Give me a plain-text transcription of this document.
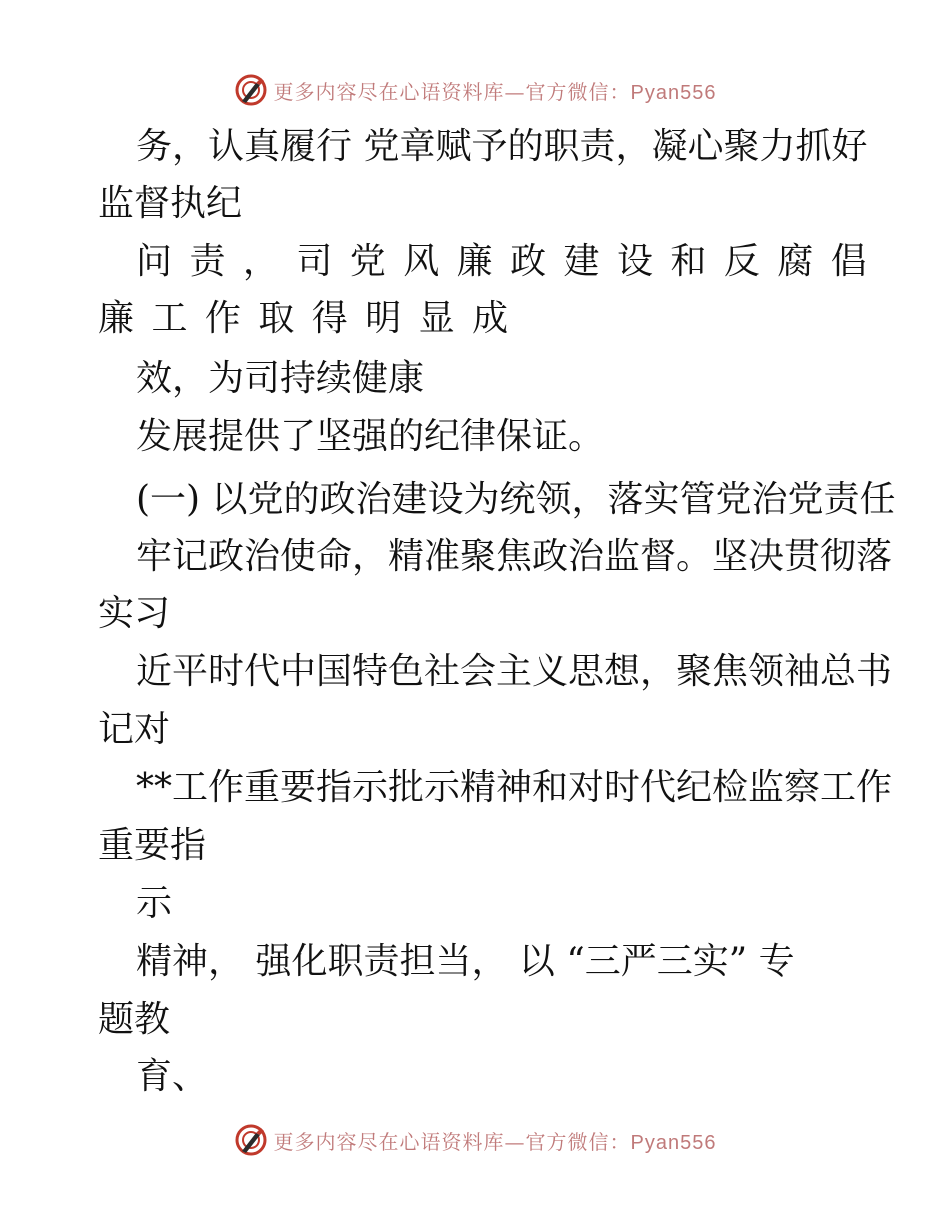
更多内容尽在心语资料库—官方微信：Pyan556
务，认真履行 党章赋予的职责，凝心聚力抓好
监督执纪
问 责 ， 司 党 风 廉 政 建 设 和 反 腐 倡
廉 工 作 取 得 明 显 成
效，为司持续健康
发展提供了坚强的纪律保证。
(一) 以党的政治建设为统领，落实管党治党责任
牢记政治使命，精准聚焦政治监督。坚决贯彻落
实习
近平时代中国特色社会主义思想，聚焦领袖总书
记对
**工作重要指示批示精神和对时代纪检监察工作
重要指
示
精神， 强化职责担当， 以 “三严三实” 专
题教
育、
更多内容尽在心语资料库—官方微信：Pyan556
